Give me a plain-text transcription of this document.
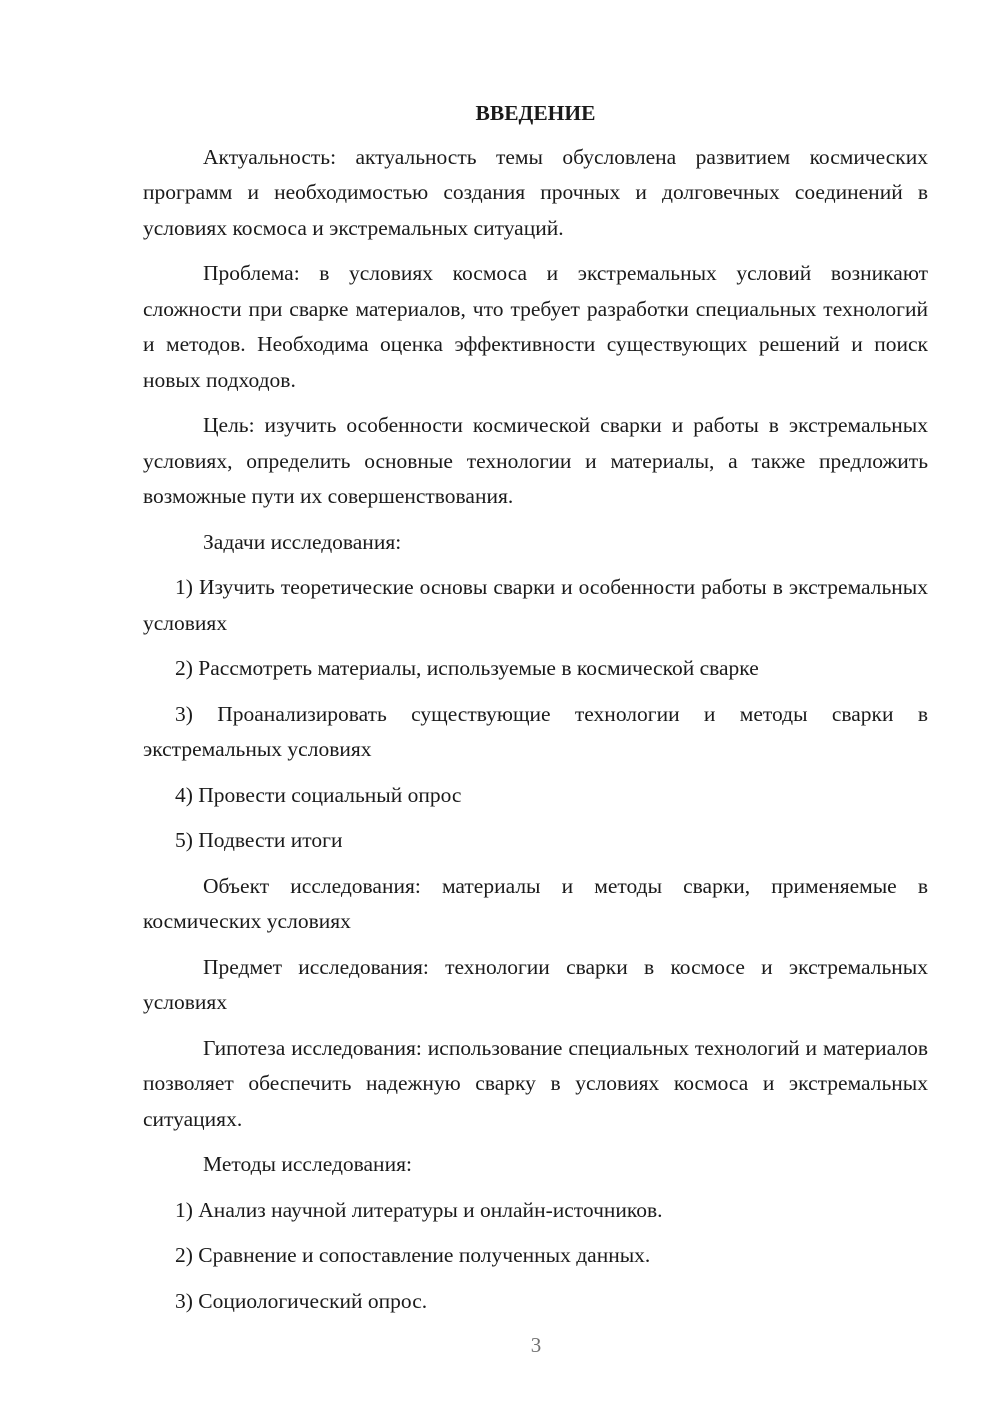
ВВЕДЕНИЕ

Актуальность: актуальность темы обусловлена развитием космических программ и необходимостью создания прочных и долговечных соединений в условиях космоса и экстремальных ситуаций.

Проблема: в условиях космоса и экстремальных условий возникают сложности при сварке материалов, что требует разработки специальных технологий и методов. Необходима оценка эффективности существующих решений и поиск новых подходов.

Цель: изучить особенности космической сварки и работы в экстремальных условиях, определить основные технологии и материалы, а также предложить возможные пути их совершенствования.

Задачи исследования:

1) Изучить теоретические основы сварки и особенности работы в экстремальных условиях

2) Рассмотреть материалы, используемые в космической сварке

3) Проанализировать существующие технологии и методы сварки в экстремальных условиях

4) Провести социальный опрос

5) Подвести итоги

Объект исследования: материалы и методы сварки, применяемые в космических условиях

Предмет исследования: технологии сварки в космосе и экстремальных условиях

Гипотеза исследования: использование специальных технологий и материалов позволяет обеспечить надежную сварку в условиях космоса и экстремальных ситуациях.

Методы исследования:

1) Анализ научной литературы и онлайн-источников.

2) Сравнение и сопоставление полученных данных.

3) Социологический опрос.

3
